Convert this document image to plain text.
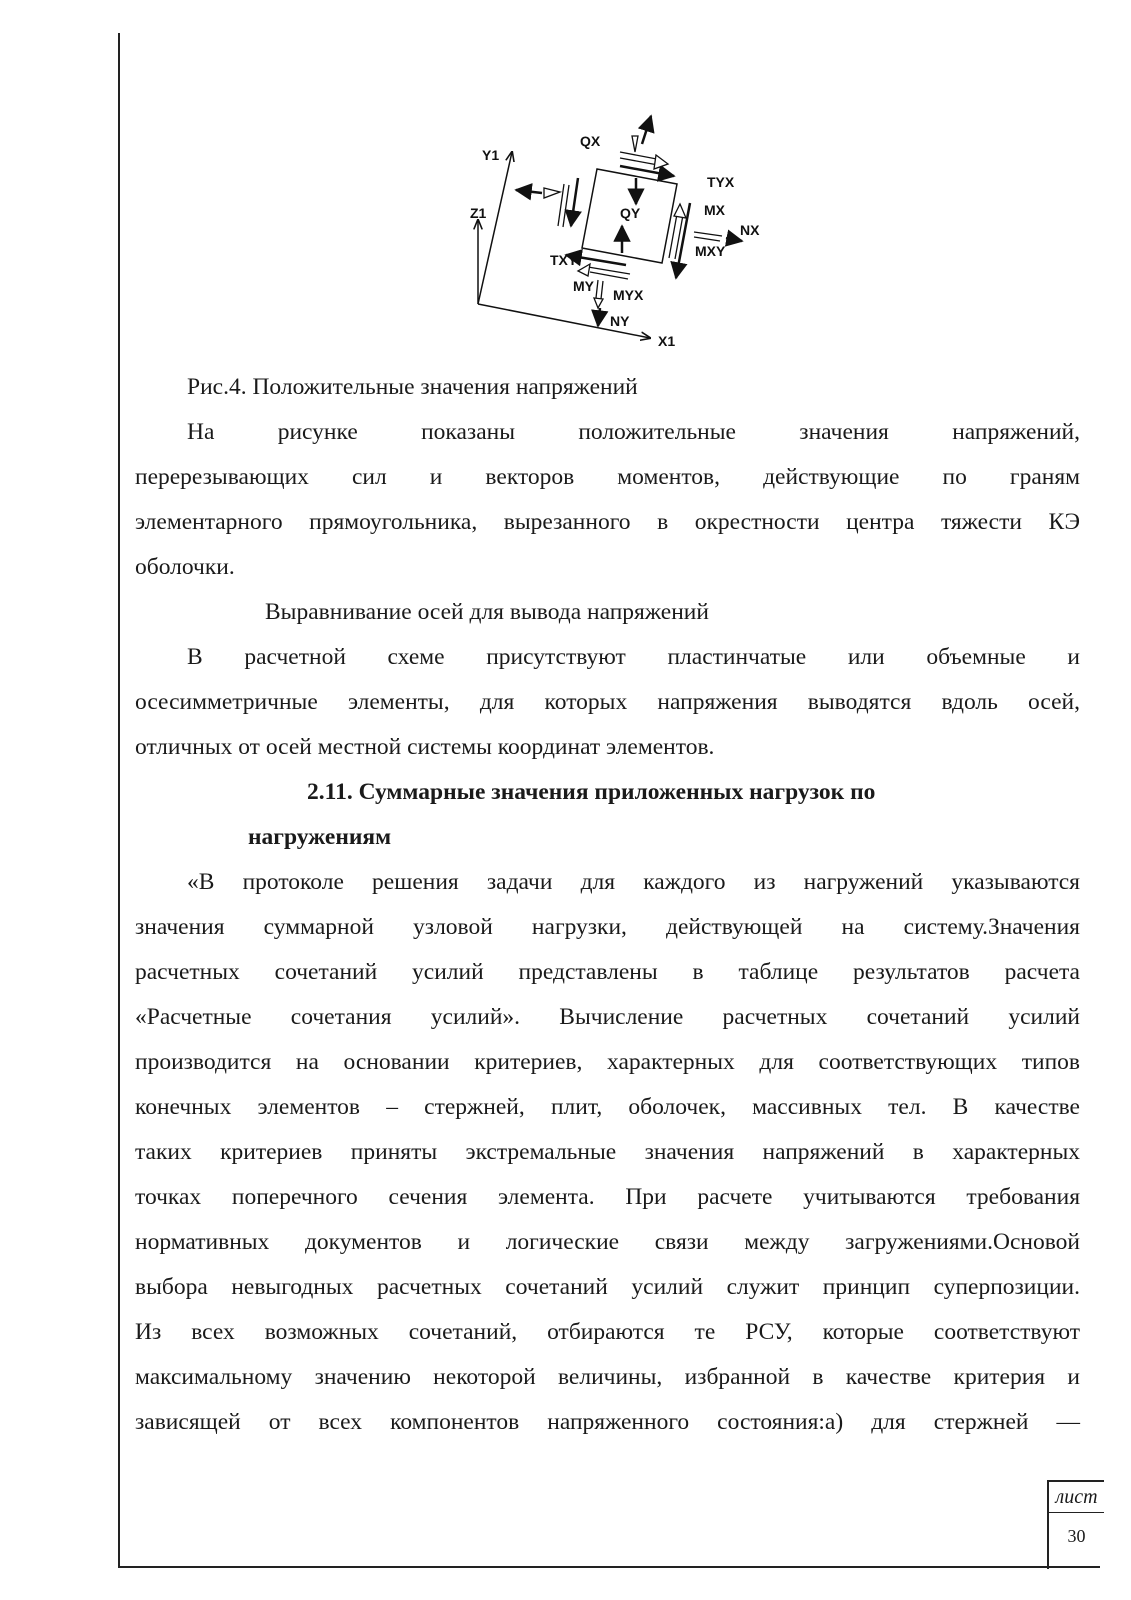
Y1
Z1
X1
QX
QY
TYX
MX
NX
MXY
TXY
MY
MYX
NY
Рис.4. Положительные значения напряжений
На рисунке показаны положительные значения напряжений,
перерезывающих сил и векторов моментов, действующие по граням
элементарного прямоугольника, вырезанного в окрестности центра тяжести КЭ
оболочки.
Выравнивание осей для вывода напряжений
В расчетной схеме присутствуют пластинчатые или объемные и
осесимметричные элементы, для которых напряжения выводятся вдоль осей,
отличных от осей местной системы координат элементов.
2.11. Суммарные значения приложенных нагрузок по
нагружениям
«В протоколе решения задачи для каждого из нагружений указываются
значения суммарной узловой нагрузки, действующей на систему.Значения
расчетных сочетаний усилий представлены в таблице результатов расчета
«Расчетные сочетания усилий». Вычисление расчетных сочетаний усилий
производится на основании критериев, характерных для соответствующих типов
конечных элементов – стержней, плит, оболочек, массивных тел. В качестве
таких критериев приняты экстремальные значения напряжений в характерных
точках поперечного сечения элемента. При расчете учитываются требования
нормативных документов и логические связи между загружениями.Основой
выбора невыгодных расчетных сочетаний усилий служит принцип суперпозиции.
Из всех возможных сочетаний, отбираются те РСУ, которые соответствуют
максимальному значению некоторой величины, избранной в качестве критерия и
зависящей от всех компонентов напряженного состояния:а) для стержней —
лист
30
